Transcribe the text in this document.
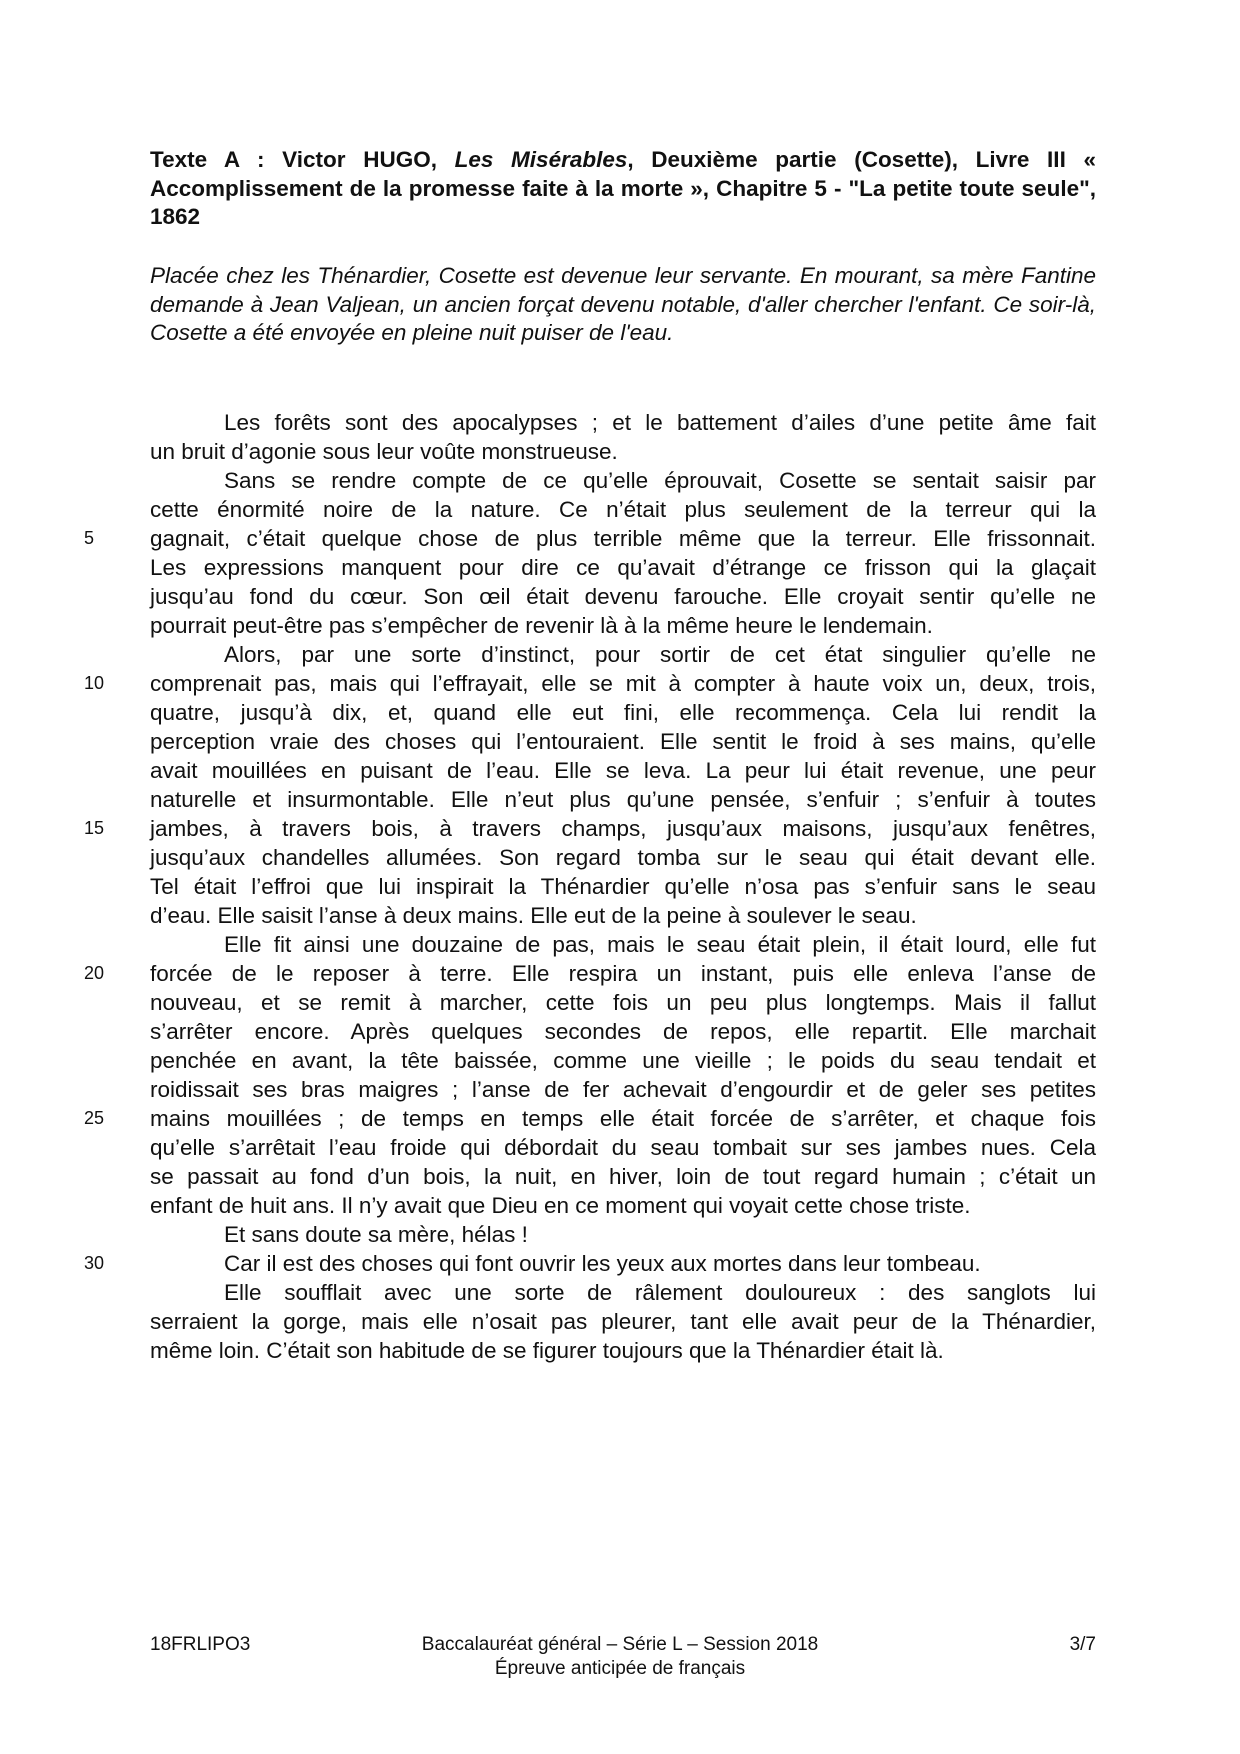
Texte A : Victor HUGO, Les Misérables, Deuxième partie (Cosette), Livre III « Accomplissement de la promesse faite à la morte », Chapitre 5 - "La petite toute seule", 1862
Placée chez les Thénardier, Cosette est devenue leur servante. En mourant, sa mère Fantine demande à Jean Valjean, un ancien forçat devenu notable, d'aller chercher l'enfant. Ce soir-là, Cosette a été envoyée en pleine nuit puiser de l'eau.
Les forêts sont des apocalypses ; et le battement d’ailes d’une petite âme fait
un bruit d’agonie sous leur voûte monstrueuse.
Sans se rendre compte de ce qu’elle éprouvait, Cosette se sentait saisir par
cette énormité noire de la nature. Ce n’était plus seulement de la terreur qui la
gagnait, c’était quelque chose de plus terrible même que la terreur. Elle frissonnait.
Les expressions manquent pour dire ce qu’avait d’étrange ce frisson qui la glaçait
jusqu’au fond du cœur. Son œil était devenu farouche. Elle croyait sentir qu’elle ne
pourrait peut-être pas s’empêcher de revenir là à la même heure le lendemain.
Alors, par une sorte d’instinct, pour sortir de cet état singulier qu’elle ne
comprenait pas, mais qui l’effrayait, elle se mit à compter à haute voix un, deux, trois,
quatre, jusqu’à dix, et, quand elle eut fini, elle recommença. Cela lui rendit la
perception vraie des choses qui l’entouraient. Elle sentit le froid à ses mains, qu’elle
avait mouillées en puisant de l’eau. Elle se leva. La peur lui était revenue, une peur
naturelle et insurmontable. Elle n’eut plus qu’une pensée, s’enfuir ; s’enfuir à toutes
jambes, à travers bois, à travers champs, jusqu’aux maisons, jusqu’aux fenêtres,
jusqu’aux chandelles allumées. Son regard tomba sur le seau qui était devant elle.
Tel était l’effroi que lui inspirait la Thénardier qu’elle n’osa pas s’enfuir sans le seau
d’eau. Elle saisit l’anse à deux mains. Elle eut de la peine à soulever le seau.
Elle fit ainsi une douzaine de pas, mais le seau était plein, il était lourd, elle fut
forcée de le reposer à terre. Elle respira un instant, puis elle enleva l’anse de
nouveau, et se remit à marcher, cette fois un peu plus longtemps. Mais il fallut
s’arrêter encore. Après quelques secondes de repos, elle repartit. Elle marchait
penchée en avant, la tête baissée, comme une vieille ; le poids du seau tendait et
roidissait ses bras maigres ; l’anse de fer achevait d’engourdir et de geler ses petites
mains mouillées ; de temps en temps elle était forcée de s’arrêter, et chaque fois
qu’elle s’arrêtait l’eau froide qui débordait du seau tombait sur ses jambes nues. Cela
se passait au fond d’un bois, la nuit, en hiver, loin de tout regard humain ; c’était un
enfant de huit ans. Il n’y avait que Dieu en ce moment qui voyait cette chose triste.
Et sans doute sa mère, hélas !
Car il est des choses qui font ouvrir les yeux aux mortes dans leur tombeau.
Elle soufflait avec une sorte de râlement douloureux : des sanglots lui
serraient la gorge, mais elle n’osait pas pleurer, tant elle avait peur de la Thénardier,
même loin. C’était son habitude de se figurer toujours que la Thénardier était là.
5
10
15
20
25
30
18FRLIPO3	Baccalauréat général – Série L – Session 2018
Épreuve anticipée de français
3/7
